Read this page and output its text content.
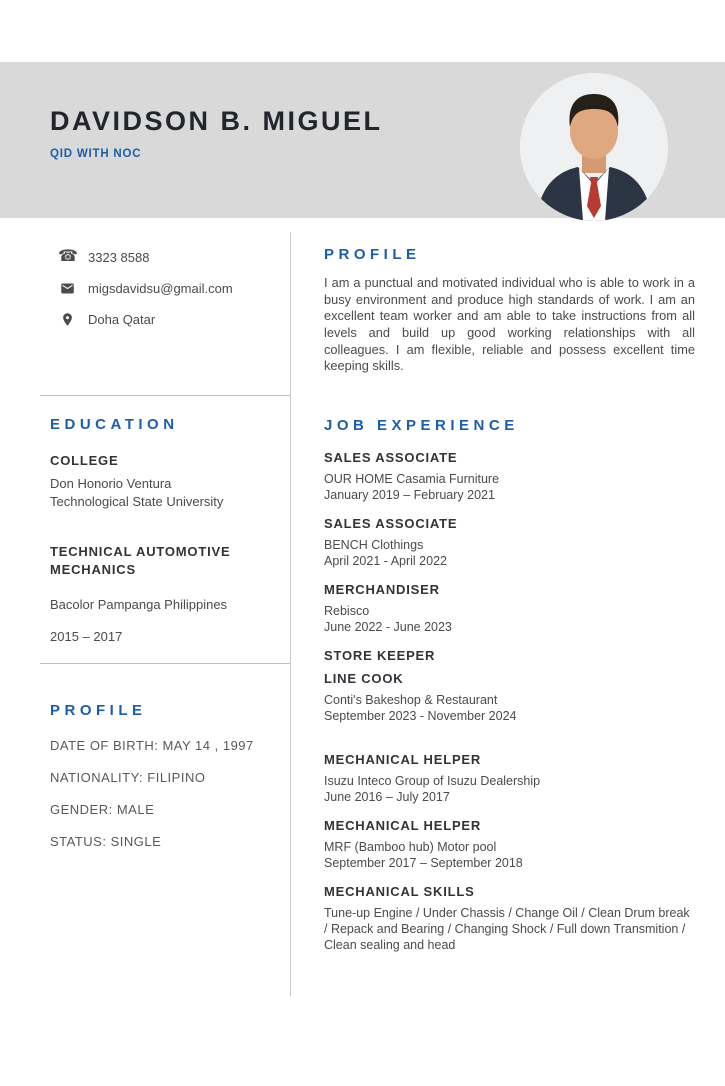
DAVIDSON B. MIGUEL
QID WITH NOC
☎ 3323 8588
migsdavidsu@gmail.com
Doha Qatar
EDUCATION
COLLEGE
Don Honorio Ventura
Technological State University
TECHNICAL AUTOMOTIVE MECHANICS
Bacolor Pampanga Philippines
2015 – 2017
PROFILE
DATE OF BIRTH: MAY 14 , 1997
NATIONALITY: FILIPINO
GENDER: MALE
STATUS: SINGLE
PROFILE

I am a punctual and motivated individual who is able to work in a busy environment and produce high standards of work. I am an excellent team worker and am able to take instructions from all levels and build up good working relationships with all colleagues. I am flexible, reliable and possess excellent time keeping skills.

JOB EXPERIENCE
SALES ASSOCIATE
OUR HOME Casamia Furniture
January 2019 – February 2021
SALES ASSOCIATE
BENCH Clothings
April 2021 - April 2022
MERCHANDISER
Rebisco
June 2022 - June 2023
STORE KEEPER
LINE COOK
Conti's Bakeshop & Restaurant
September 2023 - November 2024
MECHANICAL HELPER
Isuzu Inteco Group of Isuzu Dealership
June 2016 – July 2017
MECHANICAL HELPER
MRF (Bamboo hub) Motor pool
September 2017 – September 2018
MECHANICAL SKILLS
Tune-up Engine / Under Chassis / Change Oil / Clean Drum break / Repack and Bearing / Changing Shock / Full down Transmition / Clean sealing and head
